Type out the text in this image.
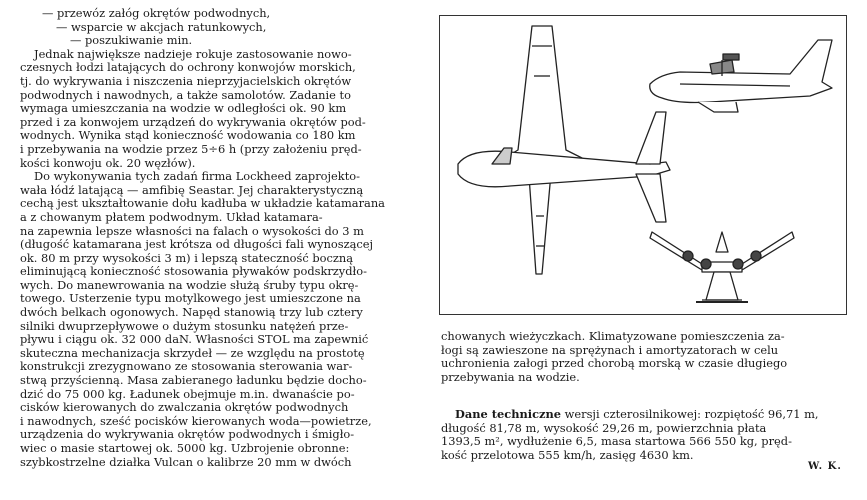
— przewóz załóg okrętów podwodnych,
— wsparcie w akcjach ratunkowych,
— poszukiwanie min.
Jednak największe nadzieje rokuje zastosowanie nowo-
czesnych łodzi latających do ochrony konwojów morskich,
tj. do wykrywania i niszczenia nieprzyjacielskich okrętów
podwodnych i nawodnych, a także samolotów. Zadanie to
wymaga umieszczania na wodzie w odległości ok. 90 km
przed i za konwojem urządzeń do wykrywania okrętów pod-
wodnych. Wynika stąd konieczność wodowania co 180 km
i przebywania na wodzie przez 5÷6 h (przy założeniu pręd-
kości konwoju ok. 20 węzłów).
Do wykonywania tych zadań firma Lockheed zaprojekto-
wała łódź latającą — amfibię Seastar. Jej charakterystyczną
cechą jest ukształtowanie dołu kadłuba w układzie katamarana
a z chowanym płatem podwodnym. Układ katamara-
na zapewnia lepsze własności na falach o wysokości do 3 m
(długość katamarana jest krótsza od długości fali wynoszącej
ok. 80 m przy wysokości 3 m) i lepszą stateczność boczną
eliminującą konieczność stosowania pływaków podskrzydło-
wych. Do manewrowania na wodzie służą śruby typu okrę-
towego. Usterzenie typu motylkowego jest umieszczone na
dwóch belkach ogonowych. Napęd stanowią trzy lub cztery
silniki dwuprzepływowe o dużym stosunku natężeń prze-
pływu i ciągu ok. 32 000 daN. Własności STOL ma zapewnić
skuteczna mechanizacja skrzydeł — ze względu na prostotę
konstrukcji zrezygnowano ze stosowania sterowania war-
stwą przyścienną. Masa zabieranego ładunku będzie docho-
dzić do 75 000 kg. Ładunek obejmuje m.in. dwanaście po-
cisków kierowanych do zwalczania okrętów podwodnych
i nawodnych, sześć pocisków kierowanych woda—powietrze,
urządzenia do wykrywania okrętów podwodnych i śmigło-
wiec o masie startowej ok. 5000 kg. Uzbrojenie obronne:
szybkostrzelne działka Vulcan o kalibrze 20 mm w dwóch
chowanych wieżyczkach. Klimatyzowane pomieszczenia za-
łogi są zawieszone na sprężynach i amortyzatorach w celu
uchronienia załogi przed chorobą morską w czasie długiego
przebywania na wodzie.
Dane techniczne wersji czterosilnikowej: rozpiętość 96,71 m,
długość 81,78 m, wysokość 29,26 m, powierzchnia płata
1393,5 m², wydłużenie 6,5, masa startowa 566 550 kg, pręd-
kość przelotowa 555 km/h, zasięg 4630 km.
W. K.
